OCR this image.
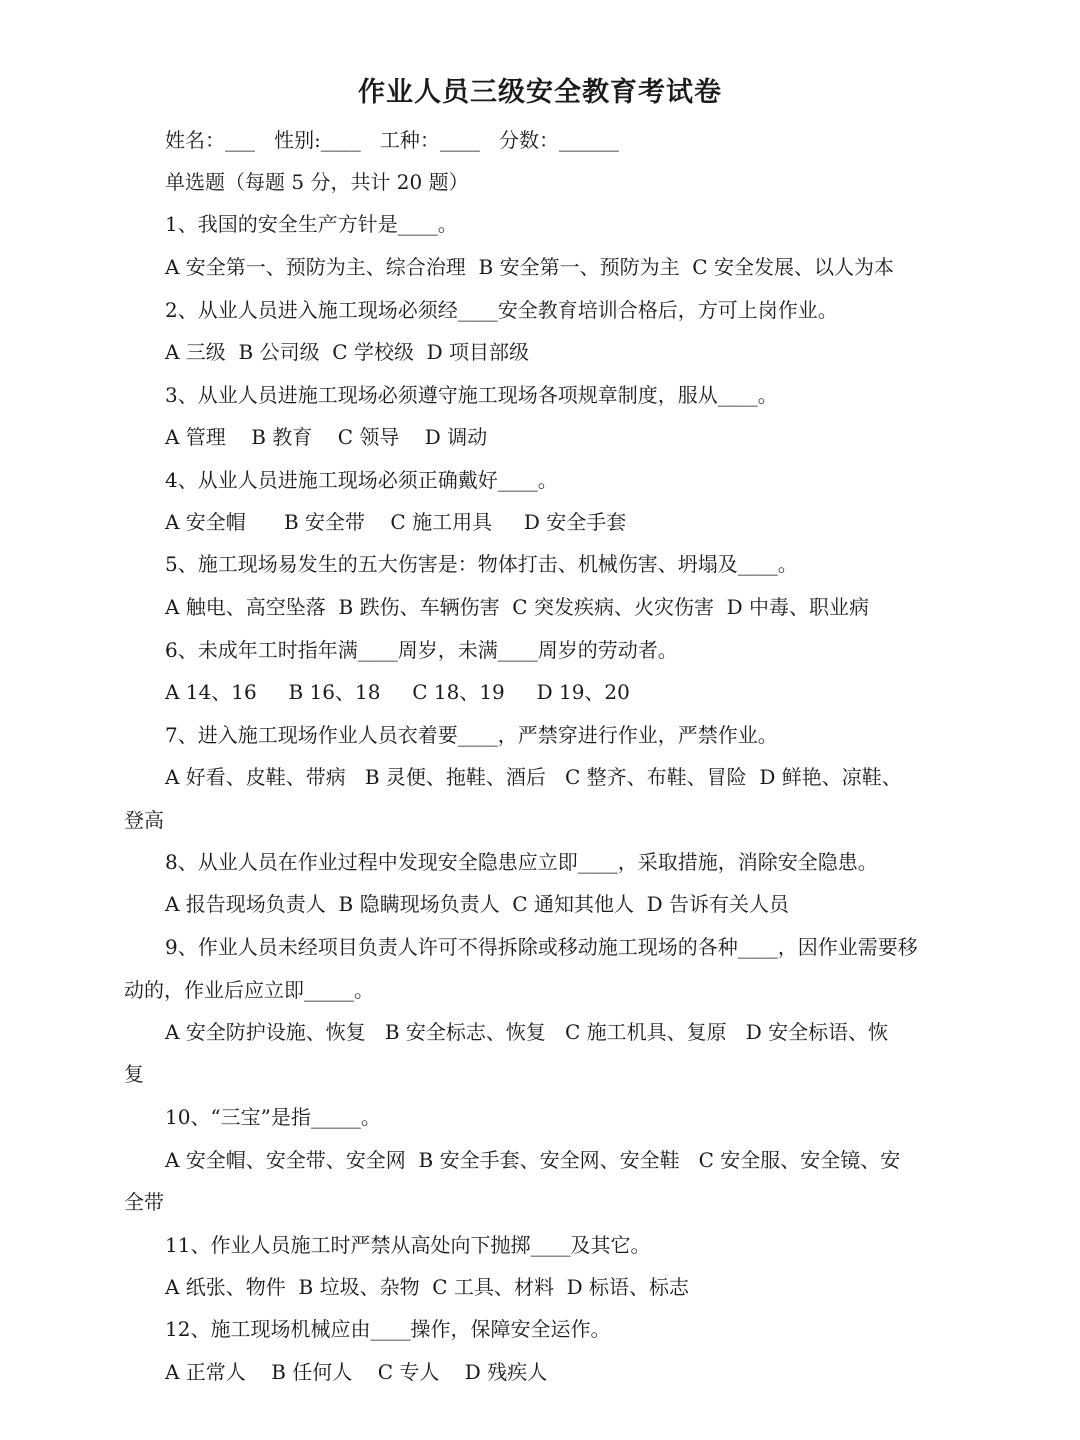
作业人员三级安全教育考试卷
姓名：___   性别:____   工种：____   分数：______
单选题（每题 5 分，共计 20 题）
1、我国的安全生产方针是____。
A 安全第一、预防为主、综合治理  B 安全第一、预防为主  C 安全发展、以人为本
2、从业人员进入施工现场必须经____安全教育培训合格后，方可上岗作业。
A 三级  B 公司级  C 学校级  D 项目部级
3、从业人员进施工现场必须遵守施工现场各项规章制度，服从____。
A 管理    B 教育    C 领导    D 调动
4、从业人员进施工现场必须正确戴好____。
A 安全帽      B 安全带    C 施工用具     D 安全手套
5、施工现场易发生的五大伤害是：物体打击、机械伤害、坍塌及____。
A 触电、高空坠落  B 跌伤、车辆伤害  C 突发疾病、火灾伤害  D 中毒、职业病
6、未成年工时指年满____周岁，未满____周岁的劳动者。
A 14、16     B 16、18     C 18、19     D 19、20
7、进入施工现场作业人员衣着要____，严禁穿进行作业，严禁作业。
A 好看、皮鞋、带病   B 灵便、拖鞋、酒后   C 整齐、布鞋、冒险  D 鲜艳、凉鞋、
登高
8、从业人员在作业过程中发现安全隐患应立即____，采取措施，消除安全隐患。
A 报告现场负责人  B 隐瞒现场负责人  C 通知其他人  D 告诉有关人员
9、作业人员未经项目负责人许可不得拆除或移动施工现场的各种____，因作业需要移
动的，作业后应立即_____。
A 安全防护设施、恢复   B 安全标志、恢复   C 施工机具、复原   D 安全标语、恢
复
10、“三宝”是指_____。
A 安全帽、安全带、安全网  B 安全手套、安全网、安全鞋   C 安全服、安全镜、安
全带
11、作业人员施工时严禁从高处向下抛掷____及其它。
A 纸张、物件  B 垃圾、杂物  C 工具、材料  D 标语、标志
12、施工现场机械应由____操作，保障安全运作。
A 正常人    B 任何人    C 专人    D 残疾人
